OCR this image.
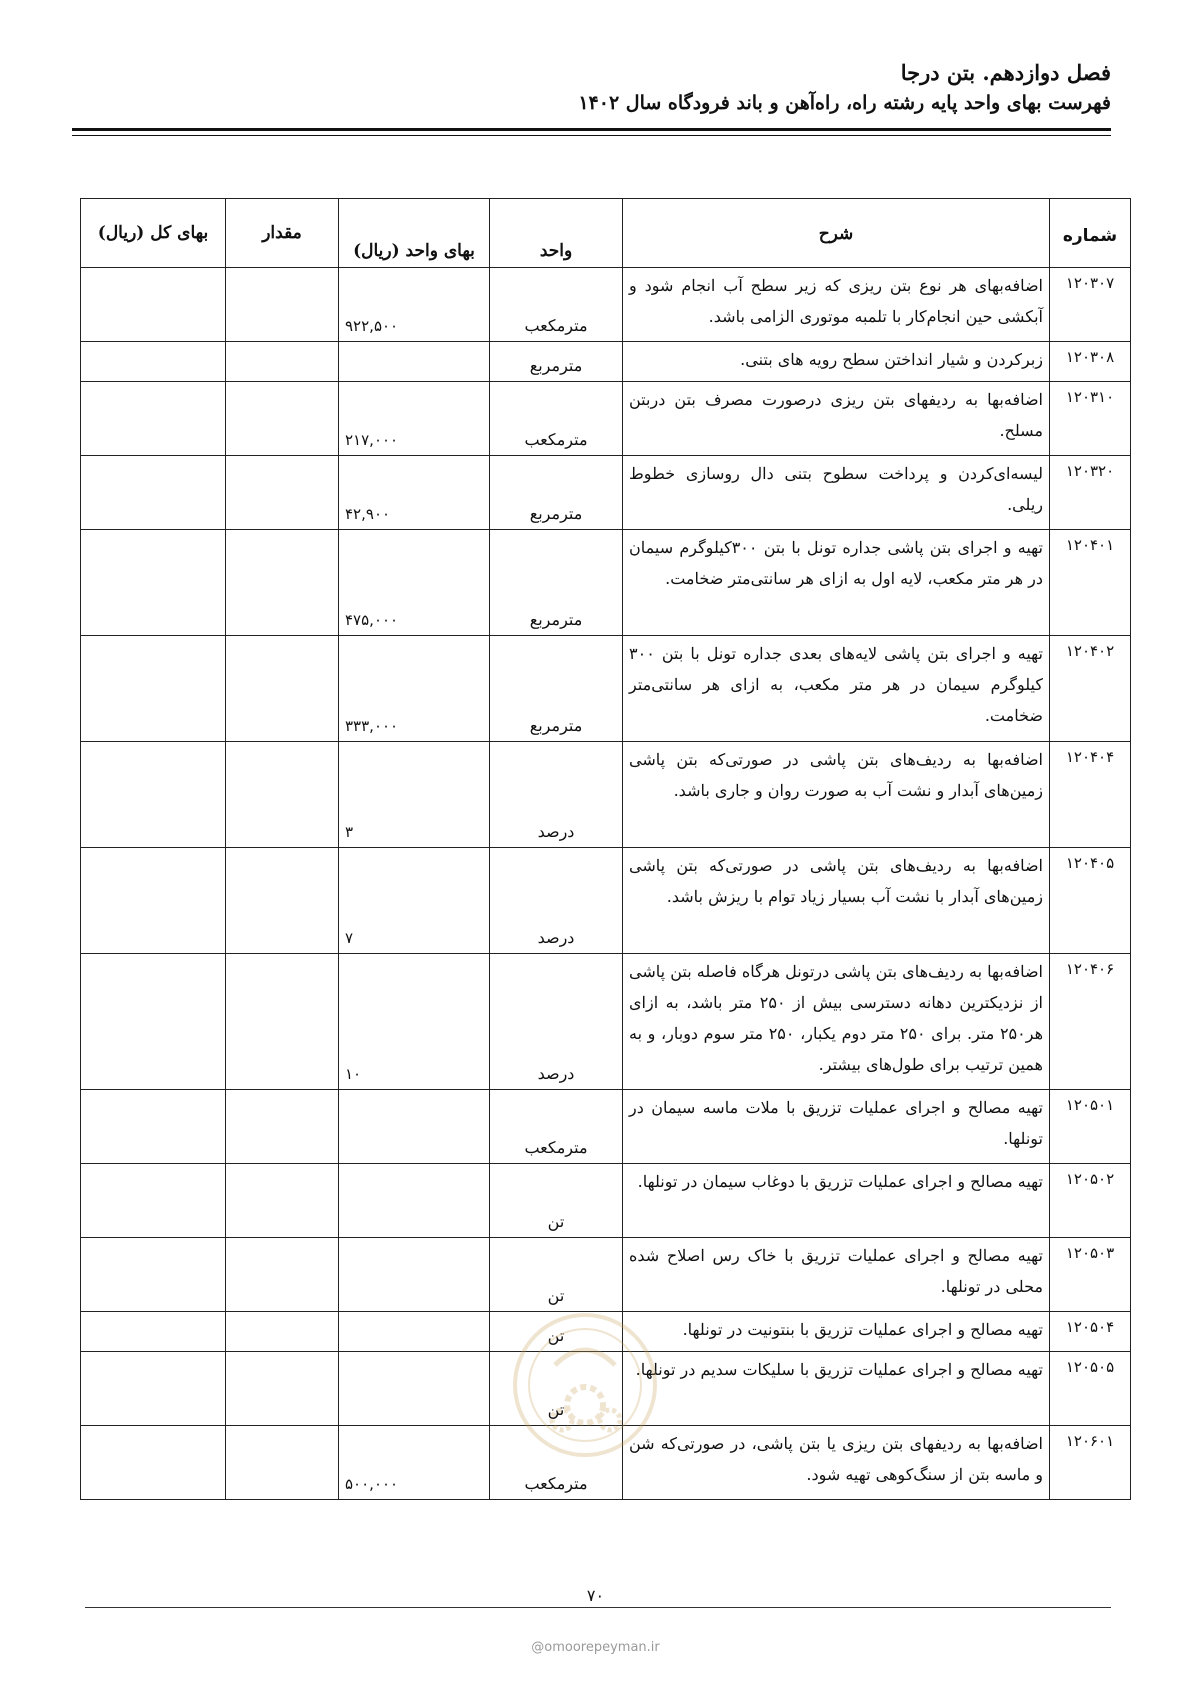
فصل دوازدهم. بتن درجا
فهرست بهای واحد پایه رشته راه، راه‌آهن و باند فرودگاه سال ۱۴۰۲
شماره	شرح	واحد	بهای واحد (ریال)	مقدار	بهای کل (ریال)
۱۲۰۳۰۷	اضافه‌بهای هر نوع بتن ریزی که زیر سطح آب انجام شود و آبکشی حین انجام‌کار با تلمبه موتوری الزامی باشد.	مترمکعب	۹۲۲,۵۰۰		
۱۲۰۳۰۸	زبرکردن و شیار انداختن سطح رویه های بتنی.	مترمربع			
۱۲۰۳۱۰	اضافه‌بها به ردیفهای بتن ریزی درصورت مصرف بتن دربتن مسلح.	مترمکعب	۲۱۷,۰۰۰		
۱۲۰۳۲۰	لیسه‌ای‌کردن و پرداخت سطوح بتنی دال روسازی خطوط ریلی.	مترمربع	۴۲,۹۰۰		
۱۲۰۴۰۱	تهیه و اجرای بتن پاشی جداره تونل با بتن ۳۰۰کیلوگرم سیمان در هر متر مکعب، لایه اول به ازای هر سانتی‌متر ضخامت.	مترمربع	۴۷۵,۰۰۰		
۱۲۰۴۰۲	تهیه و اجرای بتن پاشی لایه‌های بعدی جداره تونل با بتن ۳۰۰ کیلوگرم سیمان در هر متر مکعب، به ازای هر سانتی‌متر ضخامت.	مترمربع	۳۳۳,۰۰۰		
۱۲۰۴۰۴	اضافه‌بها به ردیف‌های بتن پاشی در صورتی‌که بتن پاشی زمین‌های آبدار و نشت آب به صورت روان و جاری باشد.	درصد	۳		
۱۲۰۴۰۵	اضافه‌بها به ردیف‌های بتن پاشی در صورتی‌که بتن پاشی زمین‌های آبدار با نشت آب بسیار زیاد توام با ریزش باشد.	درصد	۷		
۱۲۰۴۰۶	اضافه‌بها به ردیف‌های بتن پاشی درتونل هرگاه فاصله بتن پاشی از نزدیکترین دهانه دسترسی بیش از ۲۵۰ متر باشد، به ازای هر۲۵۰ متر. برای ۲۵۰ متر دوم یکبار، ۲۵۰ متر سوم دوبار، و به همین ترتیب برای طول‌های بیشتر.	درصد	۱۰		
۱۲۰۵۰۱	تهیه مصالح و اجرای عملیات تزریق با ملات ماسه سیمان در تونلها.	مترمکعب			
۱۲۰۵۰۲	تهیه مصالح و اجرای عملیات تزریق با دوغاب سیمان در تونلها.	تن			
۱۲۰۵۰۳	تهیه مصالح و اجرای عملیات تزریق با خاک رس اصلاح شده محلی در تونلها.	تن			
۱۲۰۵۰۴	تهیه مصالح و اجرای عملیات تزریق با بنتونیت در تونلها.	تن			
۱۲۰۵۰۵	تهیه مصالح و اجرای عملیات تزریق با سلیکات سدیم در تونلها.	تن			
۱۲۰۶۰۱	اضافه‌بها به ردیفهای بتن ریزی یا بتن پاشی، در صورتی‌که شن و ماسه بتن از سنگ‌کوهی تهیه شود.	مترمکعب	۵۰۰,۰۰۰		
۷۰
@omoorepeyman.ir
